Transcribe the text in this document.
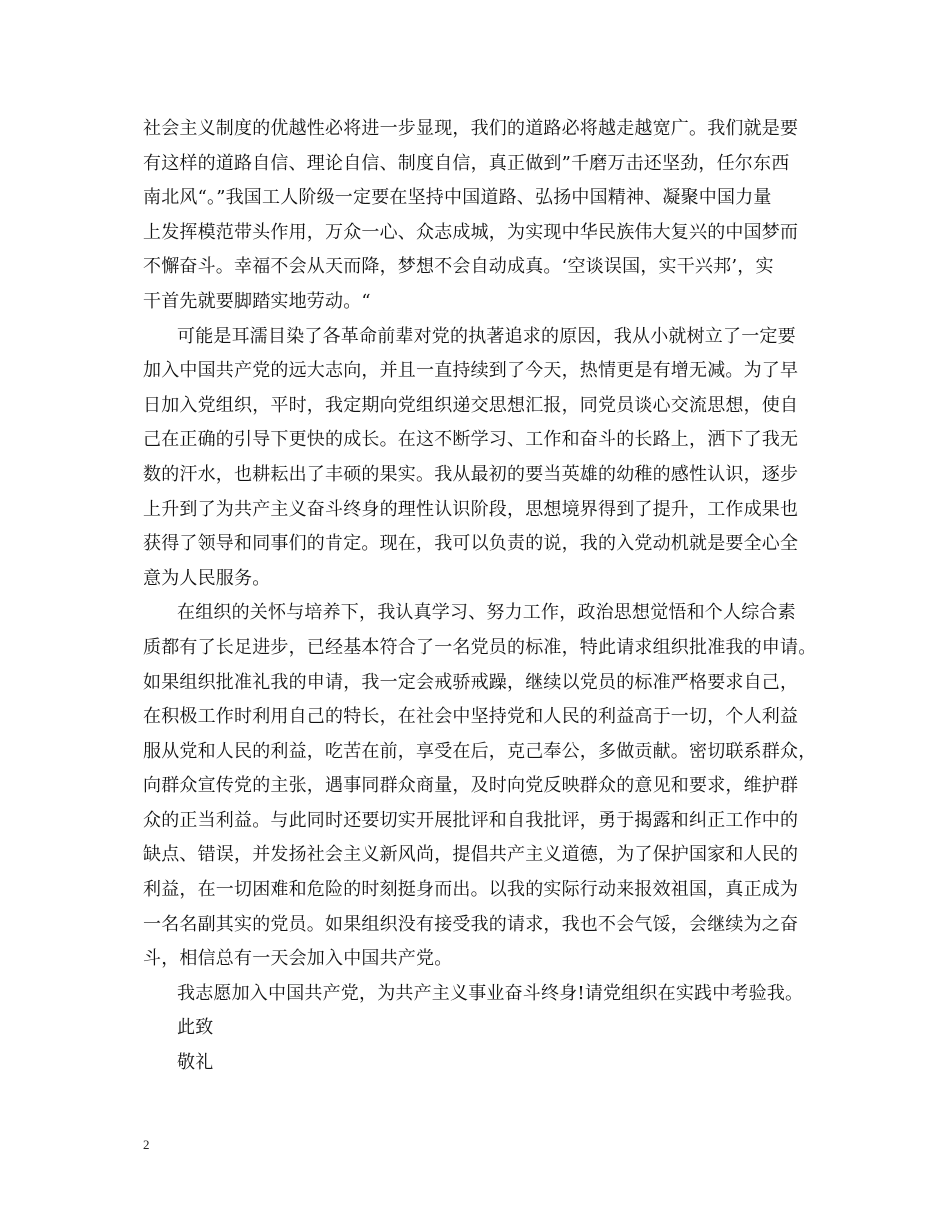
社会主义制度的优越性必将进一步显现，我们的道路必将越走越宽广。我们就是要
有这样的道路自信、理论自信、制度自信，真正做到”千磨万击还坚劲，任尔东西
南北风“。”我国工人阶级一定要在坚持中国道路、弘扬中国精神、凝聚中国力量
上发挥模范带头作用，万众一心、众志成城，为实现中华民族伟大复兴的中国梦而
不懈奋斗。幸福不会从天而降，梦想不会自动成真。‘空谈误国，实干兴邦’，实
干首先就要脚踏实地劳动。“
可能是耳濡目染了各革命前辈对党的执著追求的原因，我从小就树立了一定要
加入中国共产党的远大志向，并且一直持续到了今天，热情更是有增无减。为了早
日加入党组织，平时，我定期向党组织递交思想汇报，同党员谈心交流思想，使自
己在正确的引导下更快的成长。在这不断学习、工作和奋斗的长路上，洒下了我无
数的汗水，也耕耘出了丰硕的果实。我从最初的要当英雄的幼稚的感性认识，逐步
上升到了为共产主义奋斗终身的理性认识阶段，思想境界得到了提升，工作成果也
获得了领导和同事们的肯定。现在，我可以负责的说，我的入党动机就是要全心全
意为人民服务。
在组织的关怀与培养下，我认真学习、努力工作，政治思想觉悟和个人综合素
质都有了长足进步，已经基本符合了一名党员的标准，特此请求组织批准我的申请。
如果组织批准礼我的申请，我一定会戒骄戒躁，继续以党员的标准严格要求自己，
在积极工作时利用自己的特长，在社会中坚持党和人民的利益高于一切，个人利益
服从党和人民的利益，吃苦在前，享受在后，克己奉公，多做贡献。密切联系群众，
向群众宣传党的主张，遇事同群众商量，及时向党反映群众的意见和要求，维护群
众的正当利益。与此同时还要切实开展批评和自我批评，勇于揭露和纠正工作中的
缺点、错误，并发扬社会主义新风尚，提倡共产主义道德，为了保护国家和人民的
利益，在一切困难和危险的时刻挺身而出。以我的实际行动来报效祖国，真正成为
一名名副其实的党员。如果组织没有接受我的请求，我也不会气馁，会继续为之奋
斗，相信总有一天会加入中国共产党。
我志愿加入中国共产党，为共产主义事业奋斗终身!请党组织在实践中考验我。
此致
敬礼
2
